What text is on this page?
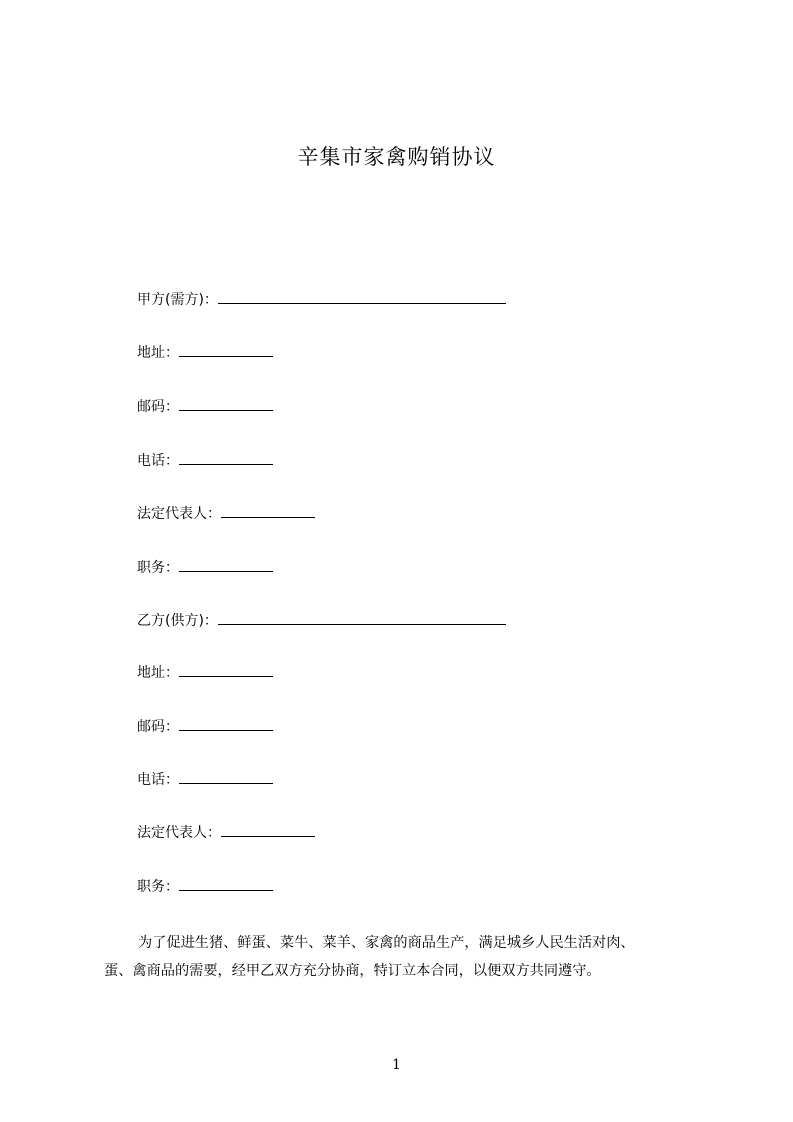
辛集市家禽购销协议
甲方(需方)：
地址：
邮码：
电话：
法定代表人：
职务：
乙方(供方)：
地址：
邮码：
电话：
法定代表人：
职务：

为了促进生猪、鲜蛋、菜牛、菜羊、家禽的商品生产，满足城乡人民生活对肉、

蛋、禽商品的需要，经甲乙双方充分协商，特订立本合同，以便双方共同遵守。

1
